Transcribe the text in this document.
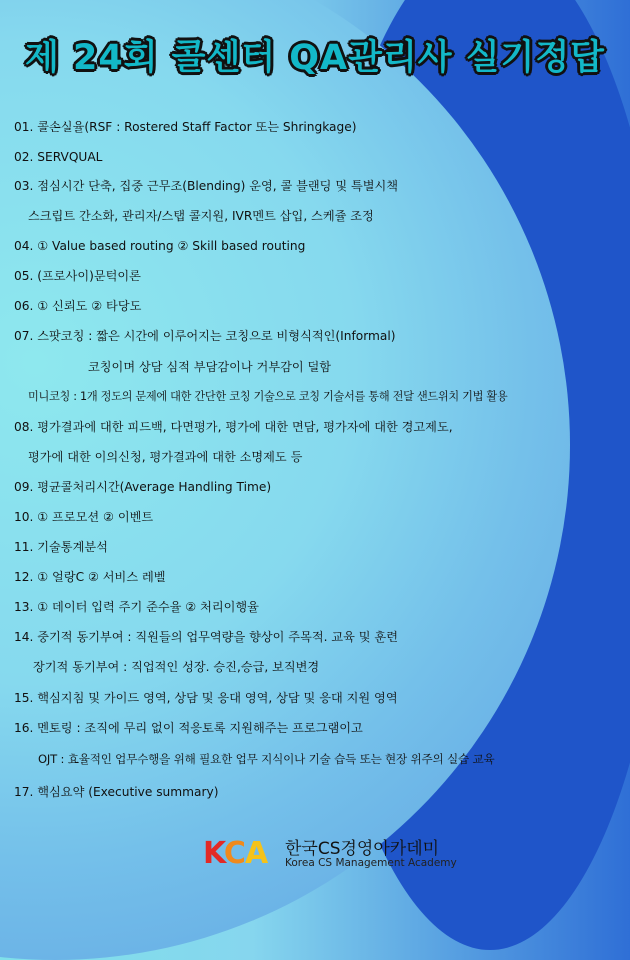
제 24회 콜센터 QA관리사 실기정답
01. 콜손실율(RSF : Rostered Staff Factor 또는 Shringkage)
02. SERVQUAL
03. 점심시간 단축, 집중 근무조(Blending) 운영, 콜 블랜딩 및 특별시책
스크립트 간소화, 관리자/스탭 콜지원, IVR멘트 삽입, 스케쥴 조정
04. ① Value based routing ② Skill based routing
05. (프로사이)문턱이론
06. ① 신뢰도 ② 타당도
07. 스팟코칭 : 짧은 시간에 이루어지는 코칭으로 비형식적인(Informal)
코칭이며 상담 심적 부담감이나 거부감이 덜함
미니코칭 : 1개 정도의 문제에 대한 간단한 코칭 기술으로 코칭 기술서를 통해 전달 샌드위치 기법 활용
08. 평가결과에 대한 피드백, 다면평가, 평가에 대한 면담, 평가자에 대한 경고제도,
평가에 대한 이의신청, 평가결과에 대한 소명제도 등
09. 평균콜처리시간(Average Handling Time)
10. ① 프로모션 ② 이벤트
11. 기술통계분석
12. ① 얼랑C ② 서비스 레벨
13. ① 데이터 입력 주기 준수율 ② 처리이행율
14. 중기적 동기부여 : 직원들의 업무역량을 향상이 주목적. 교육 및 훈련
장기적 동기부여 : 직업적인 성장. 승진,승급, 보직변경
15. 핵심지침 및 가이드 영역, 상담 및 응대 영역, 상담 및 응대 지원 영역
16. 멘토링 : 조직에 무리 없이 적응토록 지원해주는 프로그램이고
OJT : 효율적인 업무수행을 위해 필요한 업무 지식이나 기술 습득 또는 현장 위주의 실습 교육
17. 핵심요약 (Executive summary)
KCA 한국CS경영아카데미
Korea CS Management Academy
